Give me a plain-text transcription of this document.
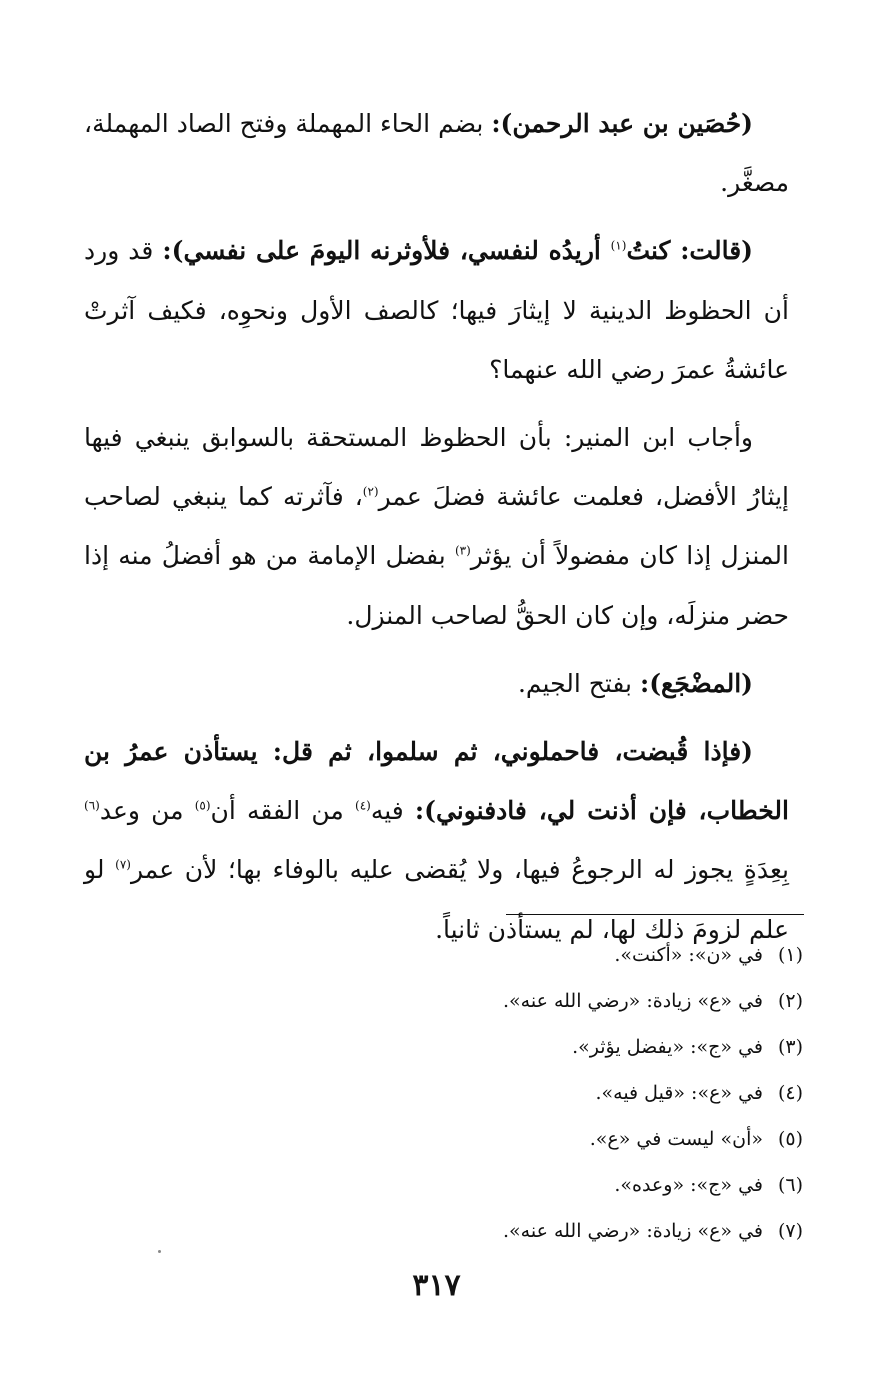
(حُصَين بن عبد الرحمن): بضم الحاء المهملة وفتح الصاد المهملة، مصغَّر.

(قالت: كنتُ$^{(١)}$ أريدُه لنفسي، فلأوثرنه اليومَ على نفسي): قد ورد أن الحظوظ الدينية لا إيثارَ فيها؛ كالصف الأول ونحوِه، فكيف آثرتْ عائشةُ عمرَ رضي الله عنهما؟

وأجاب ابن المنير: بأن الحظوظ المستحقة بالسوابق ينبغي فيها إيثارُ الأفضل، فعلمت عائشة فضلَ عمر$^{(٢)}$، فآثرته كما ينبغي لصاحب المنزل إذا كان مفضولاً أن يؤثر$^{(٣)}$ بفضل الإمامة من هو أفضلُ منه إذا حضر منزلَه، وإن كان الحقُّ لصاحب المنزل.

(المضْجَع): بفتح الجيم.

(فإذا قُبضت، فاحملوني، ثم سلموا، ثم قل: يستأذن عمرُ بن الخطاب، فإن أذنت لي، فادفنوني): فيه$^{(٤)}$ من الفقه أن$^{(٥)}$ من وعد$^{(٦)}$ بِعِدَةٍ يجوز له الرجوعُ فيها، ولا يُقضى عليه بالوفاء بها؛ لأن عمر$^{(٧)}$ لو علم لزومَ ذلك لها، لم يستأذن ثانياً.

(١)في «ن»: «أكنت».
(٢)في «ع» زيادة: «رضي الله عنه».
(٣)في «ج»: «يفضل يؤثر».
(٤)في «ع»: «قيل فيه».
(٥)«أن» ليست في «ع».
(٦)في «ج»: «وعده».
(٧)في «ع» زيادة: «رضي الله عنه».
٣١٧
